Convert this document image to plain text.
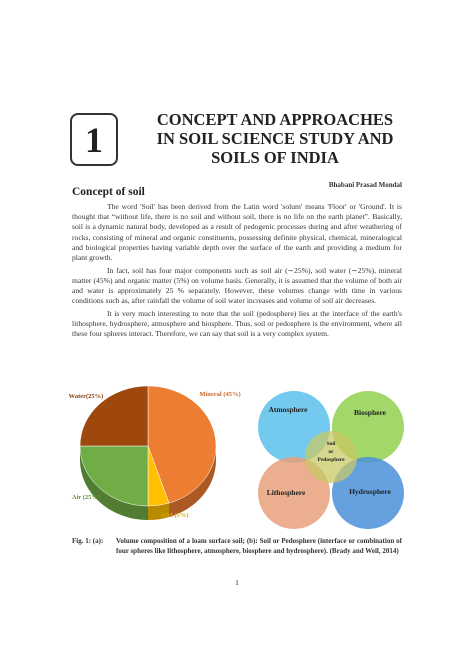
1	CONCEPT AND APPROACHES
IN SOIL SCIENCE STUDY AND
SOILS OF INDIA
Bhabani Prasad Mondal
Concept of soil

The word 'Soil' has been derived from the Latin word 'solum' means 'Floor' or 'Ground'. It is thought that “without life, there is no soil and without soil, there is no life on the earth planet”. Basically, soil is a dynamic natural body, developed as a result of pedogenic processes during and after weathering of rocks, consisting of mineral and organic constituents, possessing definite physical, chemical, mineralogical and biological properties having variable depth over the surface of the earth and providing a medium for plant growth.

In fact, soil has four major components such as soil air (∼25%), soil water (∼25%), mineral matter (45%) and organic matter (5%) on volume basis. Generally, it is assumed that the volume of both air and water is approximately 25 % separately. However, these volumes change with time in various conditions such as, after rainfall the volume of soil water increases and volume of soil air decreases.

It is very much interesting to note that the soil (pedosphere) lies at the interface of the earth's lithosphere, hydrosphere, atmosphere and biosphere. Thus, soil or pedosphere is the environment, where all these four spheres interact. Therefore, we can say that soil is a very complex system.

Mineral (45%)
OM (5%)
Air (25%)
Water(25%)
Atmosphere	Biosphere
Lithosphere	Hydrosphere
Soil
or
Pedosphere
Fig. 1: (a):	Volume composition of a loam surface soil; (b): Soil or Pedosphere (interface or combination of four spheres like lithosphere, atmosphere, biosphere and hydrosphere). (Brady and Weil, 2014)
1
